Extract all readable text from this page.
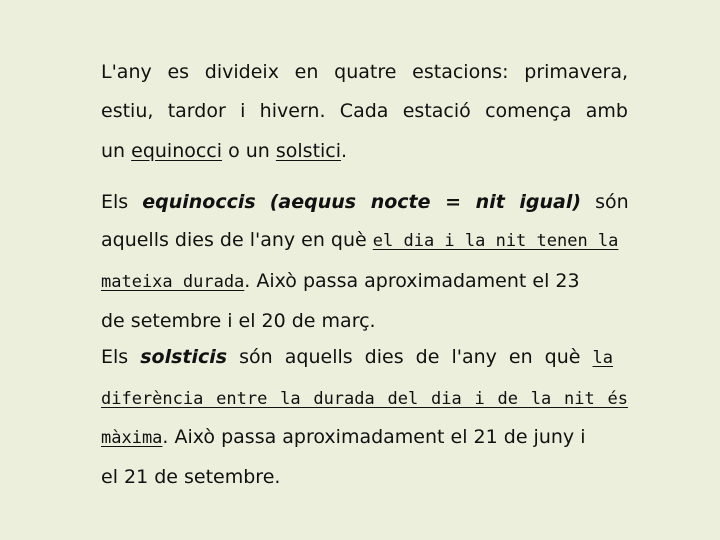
L'any es divideix en quatre estacions: primavera,
estiu, tardor i hivern. Cada estació comença amb
un equinocci o un solstici.
Els equinoccis (aequus nocte = nit igual) són
aquells dies de l'any en què el dia i la nit tenen la
mateixa durada. Això passa aproximadament el 23
de setembre i el 20 de març.
Els solsticis són aquells dies de l'any en què la
diferència entre la durada del dia i de la nit és
màxima. Això passa aproximadament el 21 de juny i
el 21 de setembre.
